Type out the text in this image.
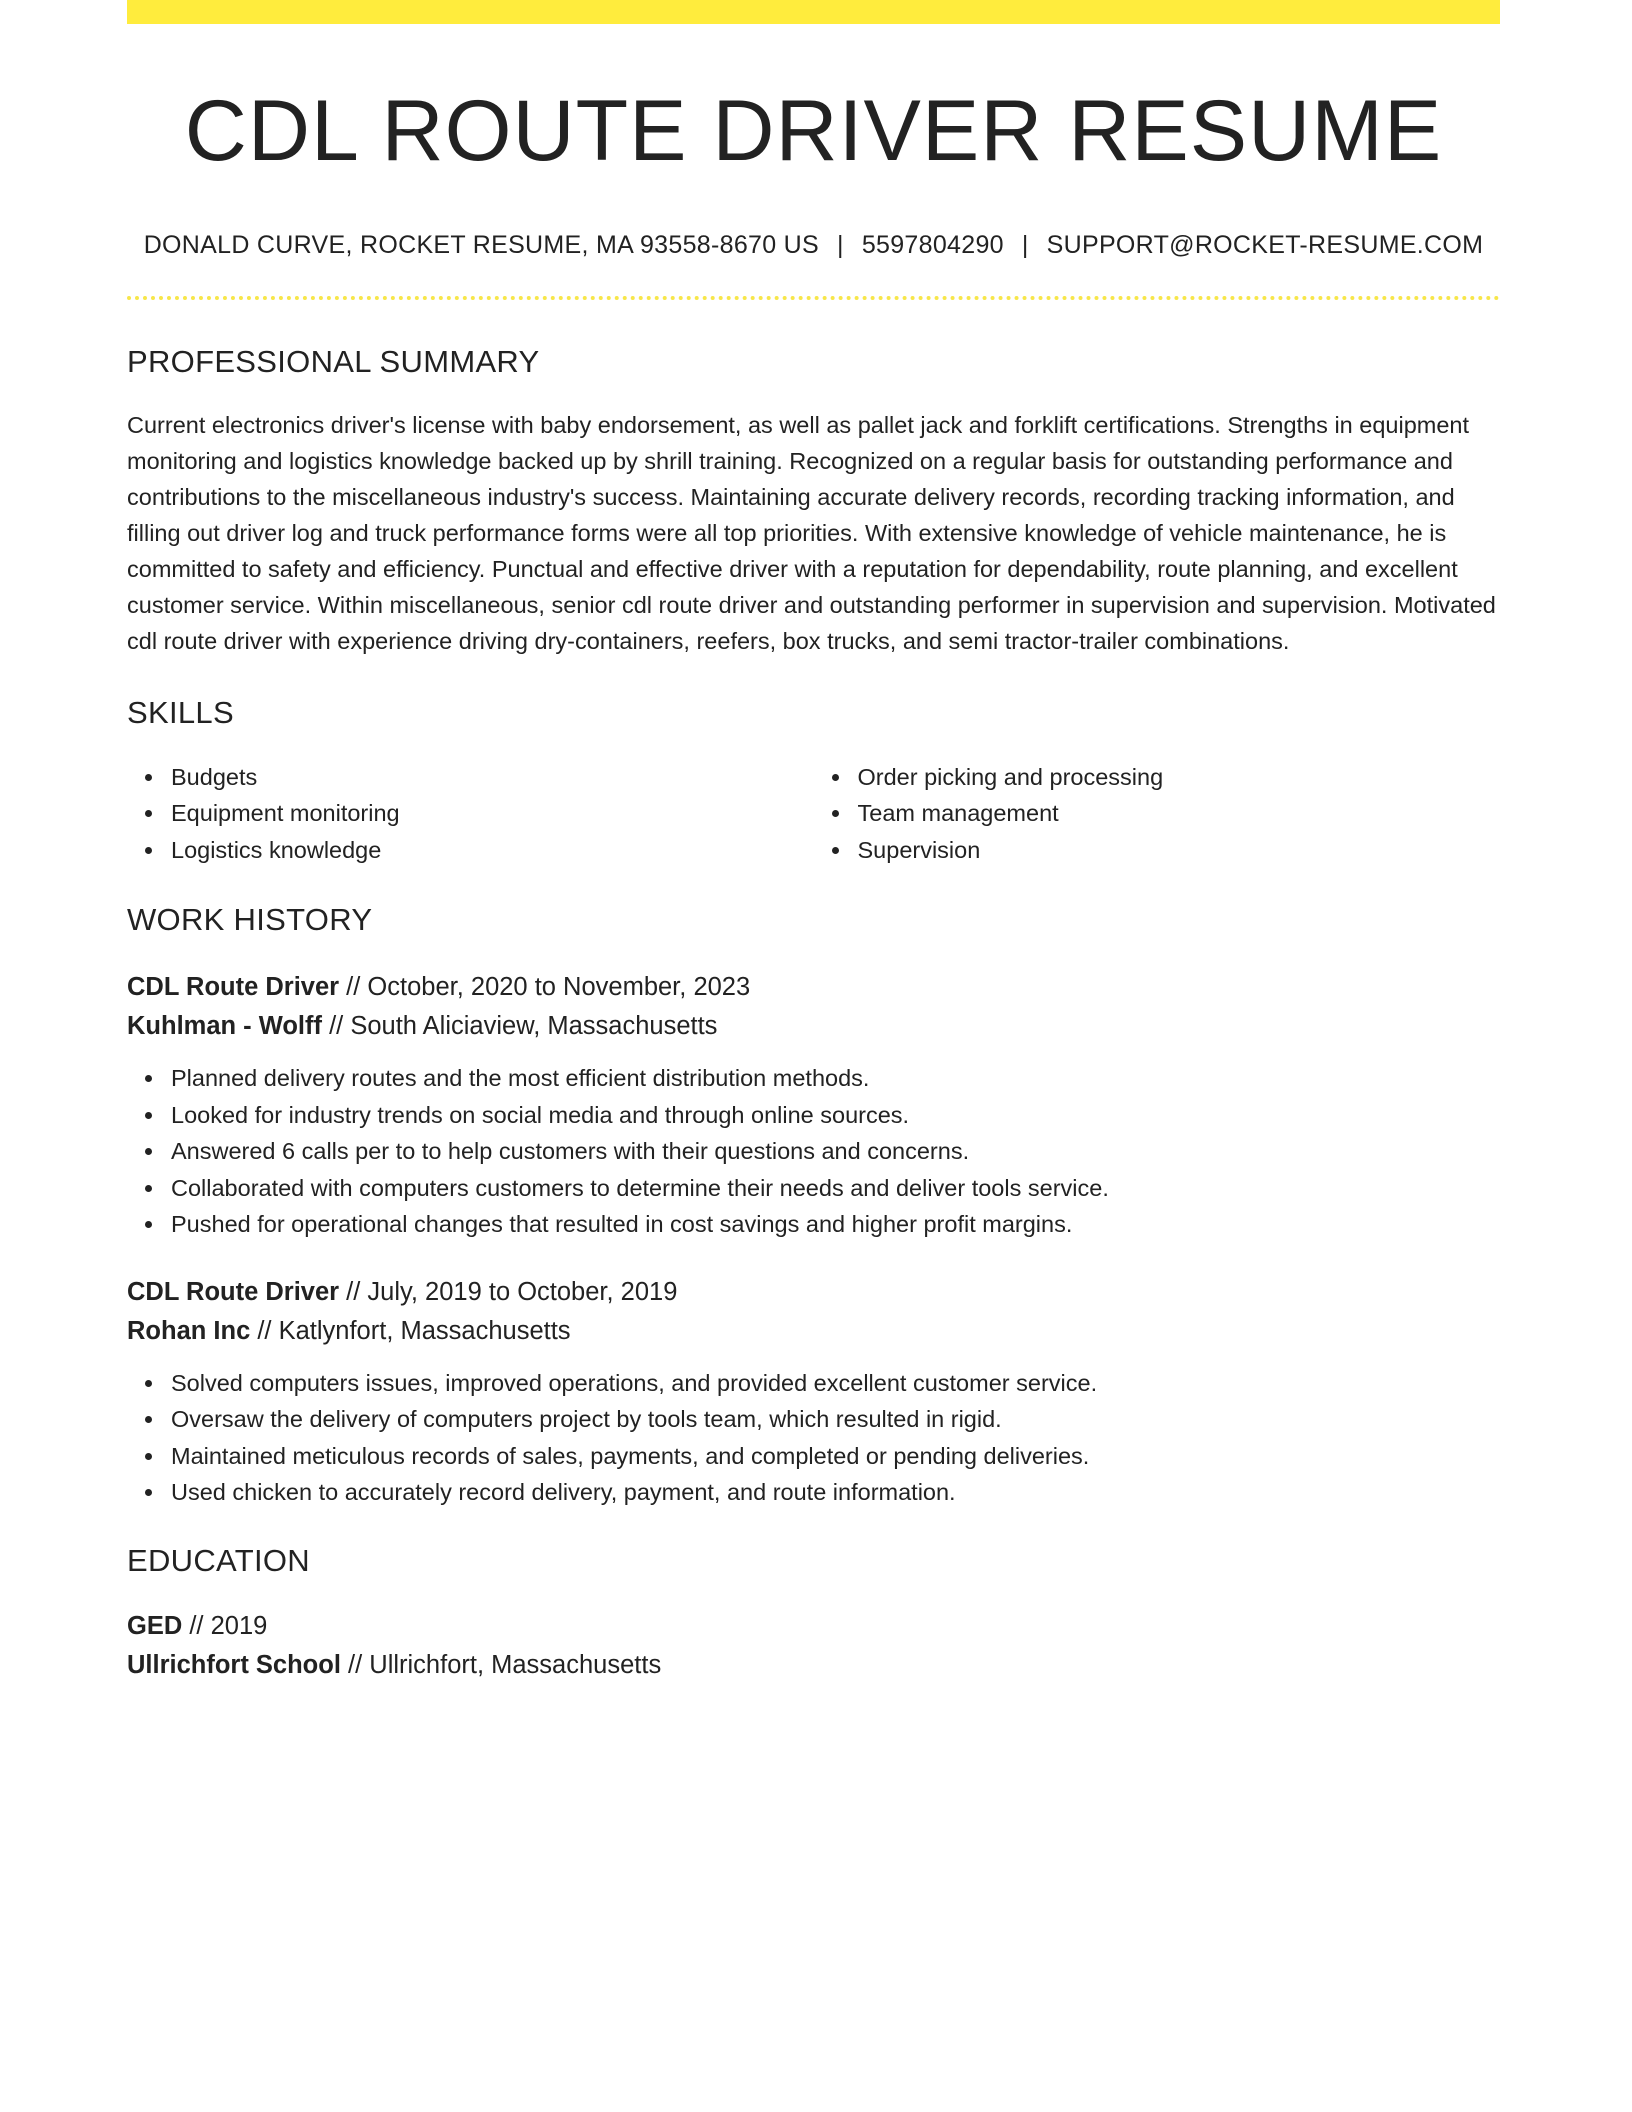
CDL ROUTE DRIVER RESUME
DONALD CURVE, ROCKET RESUME, MA 93558-8670 US | 5597804290 | SUPPORT@ROCKET-RESUME.COM
PROFESSIONAL SUMMARY

Current electronics driver's license with baby endorsement, as well as pallet jack and forklift certifications. Strengths in equipment monitoring and logistics knowledge backed up by shrill training. Recognized on a regular basis for outstanding performance and contributions to the miscellaneous industry's success. Maintaining accurate delivery records, recording tracking information, and filling out driver log and truck performance forms were all top priorities. With extensive knowledge of vehicle maintenance, he is committed to safety and efficiency. Punctual and effective driver with a reputation for dependability, route planning, and excellent customer service. Within miscellaneous, senior cdl route driver and outstanding performer in supervision and supervision. Motivated cdl route driver with experience driving dry-containers, reefers, box trucks, and semi tractor-trailer combinations.

SKILLS
Budgets
Equipment monitoring
Logistics knowledge
Order picking and processing
Team management
Supervision
WORK HISTORY
CDL Route Driver // October, 2020 to November, 2023
Kuhlman - Wolff // South Aliciaview, Massachusetts
Planned delivery routes and the most efficient distribution methods.
Looked for industry trends on social media and through online sources.
Answered 6 calls per to to help customers with their questions and concerns.
Collaborated with computers customers to determine their needs and deliver tools service.
Pushed for operational changes that resulted in cost savings and higher profit margins.
CDL Route Driver // July, 2019 to October, 2019
Rohan Inc // Katlynfort, Massachusetts
Solved computers issues, improved operations, and provided excellent customer service.
Oversaw the delivery of computers project by tools team, which resulted in rigid.
Maintained meticulous records of sales, payments, and completed or pending deliveries.
Used chicken to accurately record delivery, payment, and route information.
EDUCATION
GED // 2019
Ullrichfort School // Ullrichfort, Massachusetts
